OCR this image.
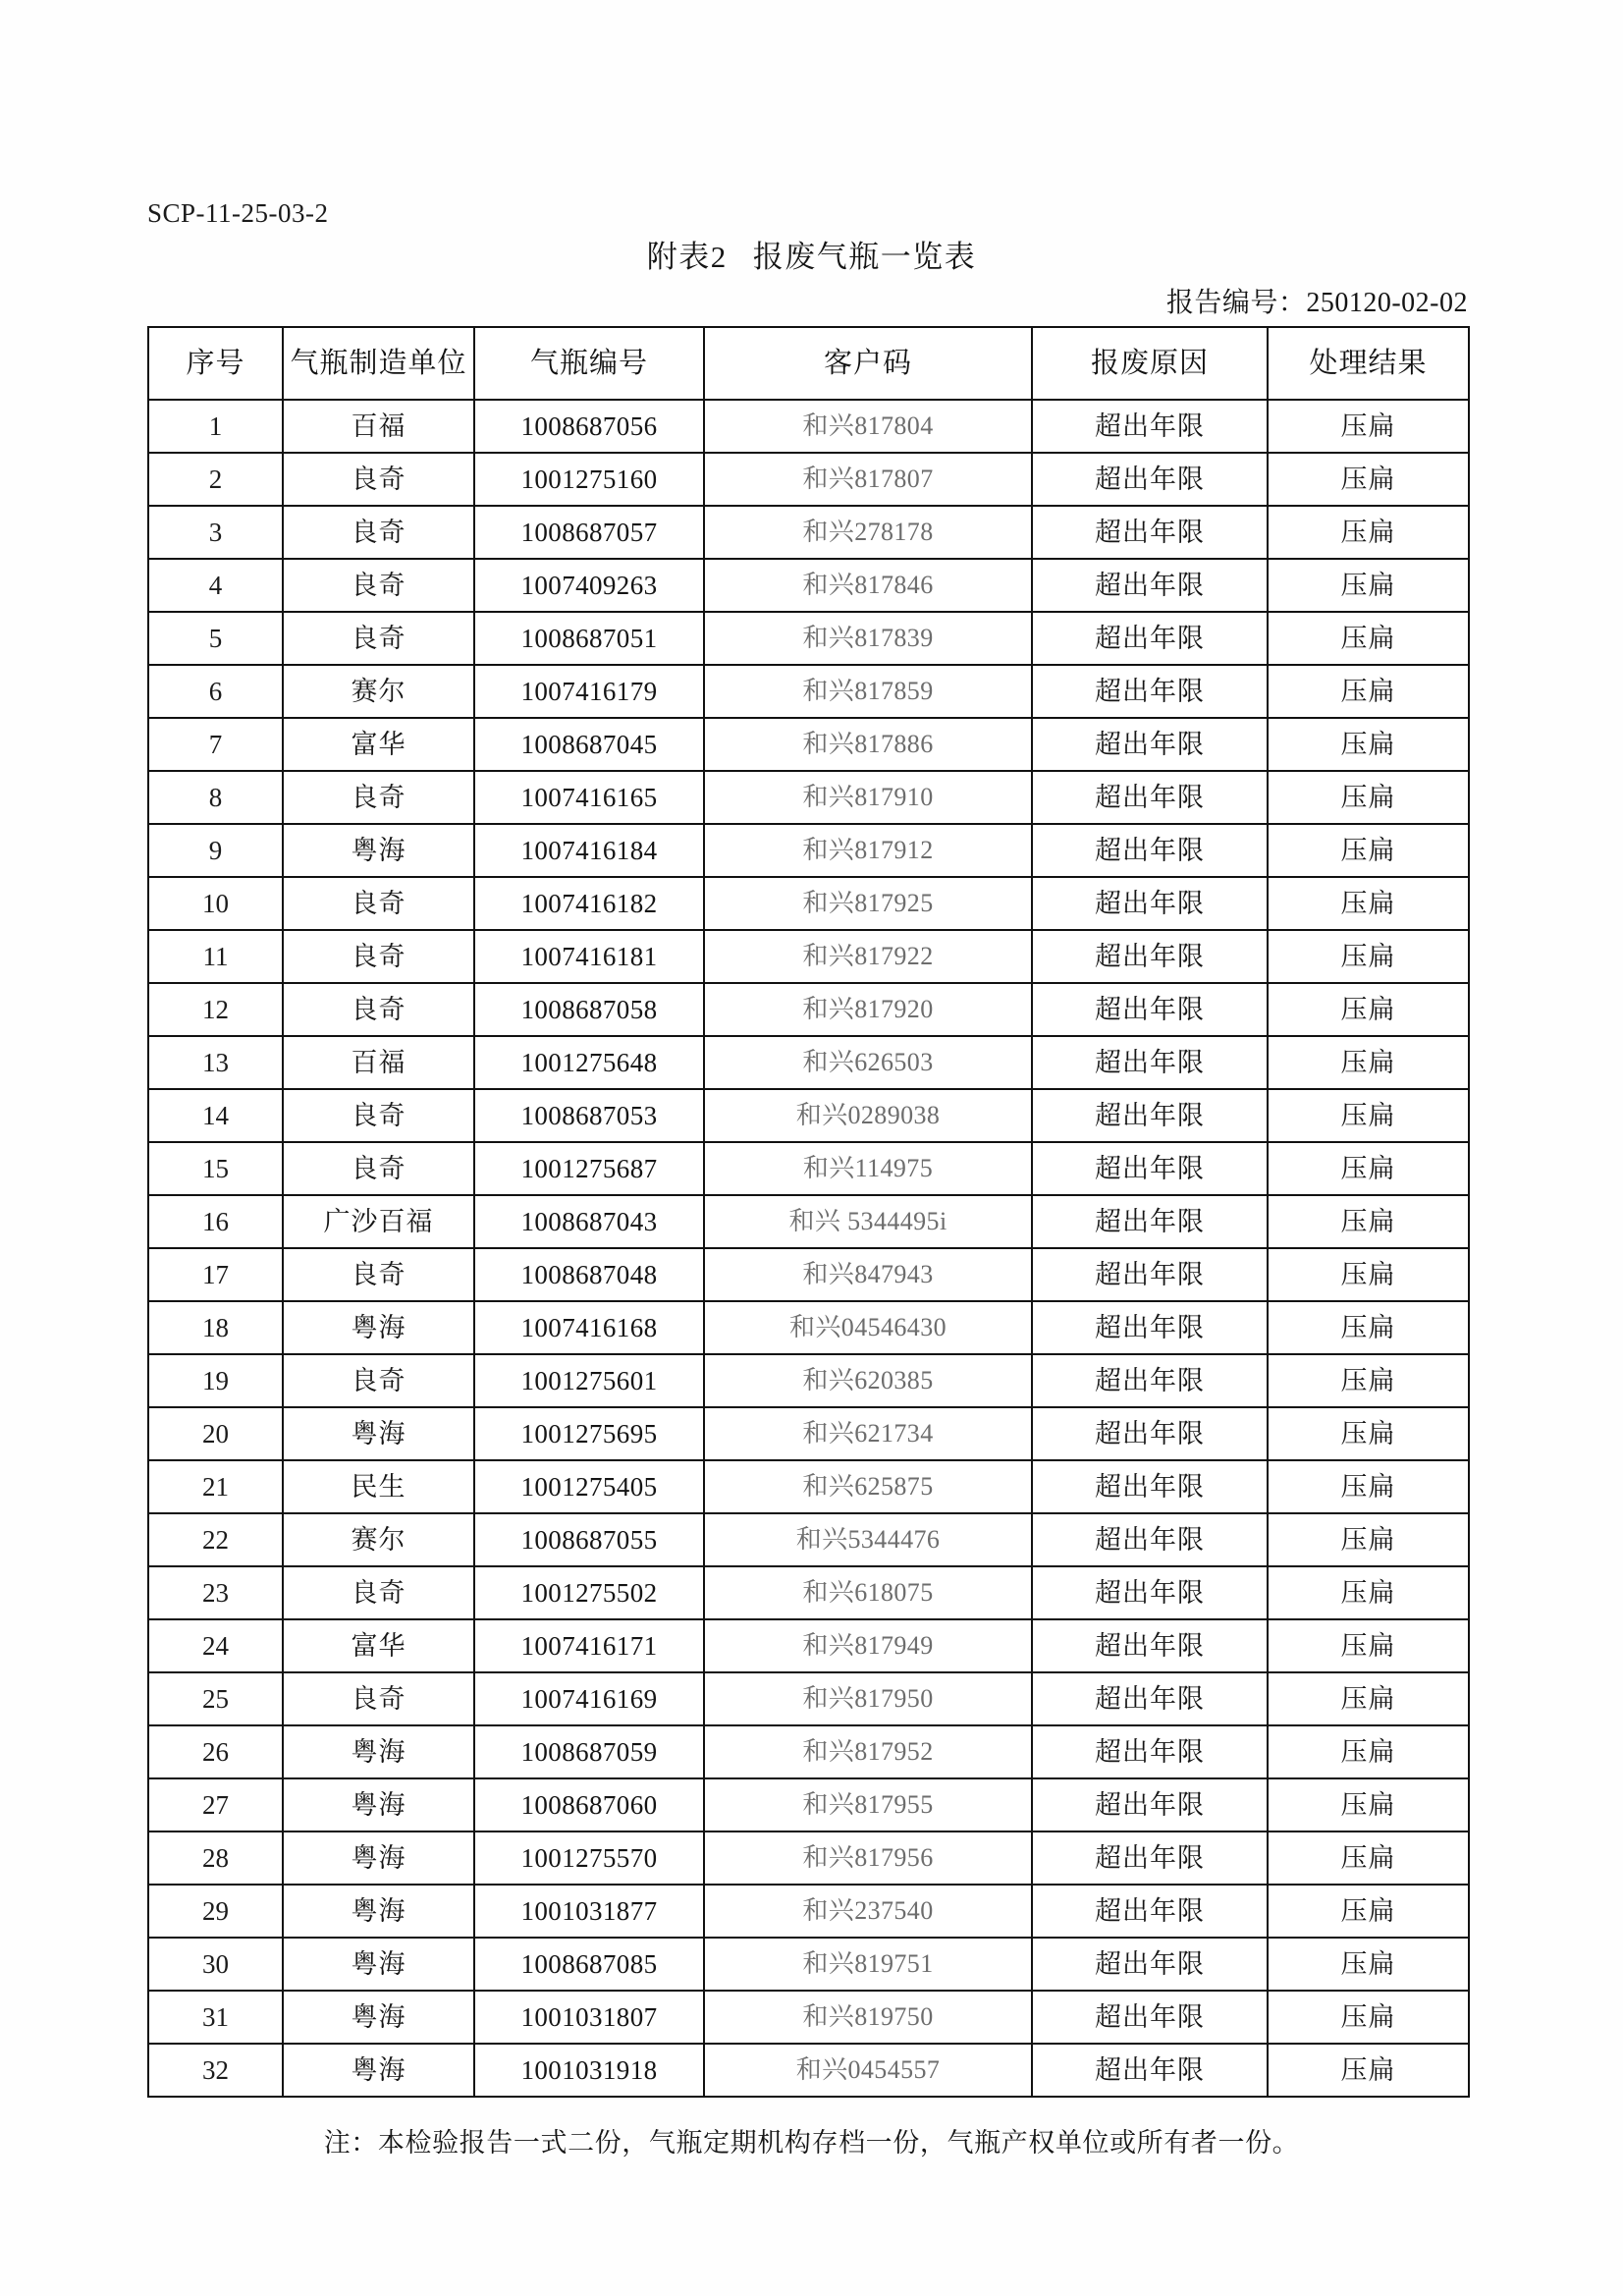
SCP-11-25-03-2
附表2 报废气瓶一览表
报告编号：250120-02-02
序号	气瓶制造单位	气瓶编号	客户码	报废原因	处理结果
1	百福	1008687056	和兴817804	超出年限	压扁
2	良奇	1001275160	和兴817807	超出年限	压扁
3	良奇	1008687057	和兴278178	超出年限	压扁
4	良奇	1007409263	和兴817846	超出年限	压扁
5	良奇	1008687051	和兴817839	超出年限	压扁
6	赛尔	1007416179	和兴817859	超出年限	压扁
7	富华	1008687045	和兴817886	超出年限	压扁
8	良奇	1007416165	和兴817910	超出年限	压扁
9	粤海	1007416184	和兴817912	超出年限	压扁
10	良奇	1007416182	和兴817925	超出年限	压扁
11	良奇	1007416181	和兴817922	超出年限	压扁
12	良奇	1008687058	和兴817920	超出年限	压扁
13	百福	1001275648	和兴626503	超出年限	压扁
14	良奇	1008687053	和兴0289038	超出年限	压扁
15	良奇	1001275687	和兴114975	超出年限	压扁
16	广沙百福	1008687043	和兴 5344495i	超出年限	压扁
17	良奇	1008687048	和兴847943	超出年限	压扁
18	粤海	1007416168	和兴04546430	超出年限	压扁
19	良奇	1001275601	和兴620385	超出年限	压扁
20	粤海	1001275695	和兴621734	超出年限	压扁
21	民生	1001275405	和兴625875	超出年限	压扁
22	赛尔	1008687055	和兴5344476	超出年限	压扁
23	良奇	1001275502	和兴618075	超出年限	压扁
24	富华	1007416171	和兴817949	超出年限	压扁
25	良奇	1007416169	和兴817950	超出年限	压扁
26	粤海	1008687059	和兴817952	超出年限	压扁
27	粤海	1008687060	和兴817955	超出年限	压扁
28	粤海	1001275570	和兴817956	超出年限	压扁
29	粤海	1001031877	和兴237540	超出年限	压扁
30	粤海	1008687085	和兴819751	超出年限	压扁
31	粤海	1001031807	和兴819750	超出年限	压扁
32	粤海	1001031918	和兴0454557	超出年限	压扁
注：本检验报告一式二份，气瓶定期机构存档一份，气瓶产权单位或所有者一份。
